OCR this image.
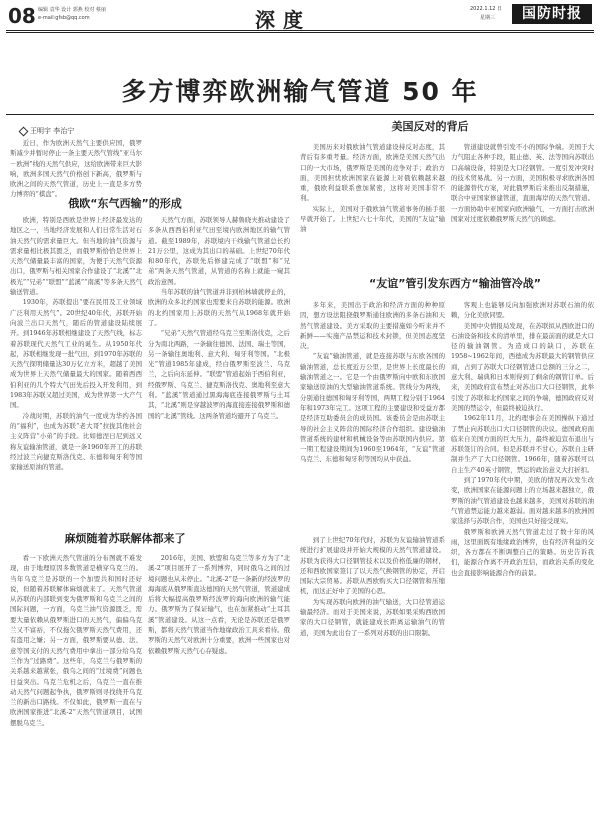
08 编辑 袁华 设计 郭燕 校对 蔡丽
e-mail:gfsb@qq.com	深度	2022.1.12 日
星期三	国防时报
多方博弈欧洲输气管道 50 年
王明宇 李治宁
俄欧“东气西输”的形成
麻烦随着苏联解体都来了
美国反对的背后
“友谊”管引发东西方“输油管冷战”

近日，作为欧洲天然气主要供应国，俄罗斯减少并暂时停止一条主要天然气管线“亚马尔－欧洲”线的天然气供应，这给欧洲带来巨大影响，欧洲多国天然气价格创下新高，俄罗斯与欧洲之间的天然气管道，历史上一直是多方势力博弈的“棋盘”。

欧洲，特别是西欧是世界上经济最发达的地区之一，当地经济发展和人们日常生活对石油天然气的需求量巨大。但当地的油气资源与需求量相比极其匮乏，而俄罗斯恰恰是世界上天然气储量最丰富的国家，为便于天然气资源出口，俄罗斯与相关国家合作建设了“北溪”“北极光”“兄弟”“联盟”“蓝溪”“南溪”等多条天然气输送管道。

1930年，苏联提出“要在民用及工业领域广泛利用天然气”。20世纪40年代，苏联开始向波兰出口天然气，随后的管道建设陆续展开。到1946年苏联相继建设了天然气线，标志着苏联现代天然气工业的诞生。从1950年代起，苏联相继发现一批气田，到1970年苏联的天然气探明储量达30万亿立方米，超越了美国成为世界上天然气储量最大的国家。随着西西伯利亚的几个特大气田先后投入开发利用，到1983年苏联又超过美国，成为世界第一大产气国。

冷战时期，苏联的油气一度成为华约各国的“福利”，也成为苏联“老大哥”拉拢其他社会主义阵营“小弟”的手段。比如德涅日尼到远又称友谊输油管道，就是一条1960年开工的苏联经过波兰向捷克斯洛伐克、东德和匈牙利等国家输送原油的管道。

天然气方面，苏联领导人赫鲁晓夫推动建设了多条从西西伯利亚气田至境内欧洲地区的输气管道。截至1989年，苏联境内干线输气管道总长约21万公里，这成为其出口的基础。上世纪70年代和80年代，苏联先后修建完成了“联盟”和“兄弟”两条天然气管道，从管道的名称上就能一窥其政治意图。

当年苏联的油气管道并非到柏林墙就停止的，欧洲的众多北约国家也需要来自苏联的能源。欧洲的北约国家用上苏联的天然气从1968年就开始了。

“兄弟”天然气管道经乌克兰至斯洛伐克，之后分为南北两路，一条输往德国、法国、瑞士等国，另一条输往奥地利、意大利、匈牙利等国。“北极光”管道1985年建成，经白俄罗斯至波兰、乌克兰，之后向东延伸。“联盟”管道起始于西伯利亚，经俄罗斯、乌克兰、捷克斯洛伐克、奥地利至意大利。“蓝溪”管道通过黑海海底连接俄罗斯与土耳其，“北溪”则是穿越波罗的海直接连接俄罗斯和德国的“北溪”管线。这两条管道均避开了乌克兰。

看一下欧洲天然气管道的分布图就不难发现，由于地理原因多数管道是横穿乌克兰的。当年乌克兰是苏联的一个加盟共和国时还好说，但随着苏联解体麻烦就来了。天然气管道从苏联的内部联到变为俄罗斯和乌克兰之间的国际问题，一方面，乌克兰油气资源匮乏，需要大量依赖从俄罗斯进口的天然气，偏偏乌克兰又不富裕，不仅拖欠俄罗斯天然气费用，还有盗用之嫌；另一方面，俄罗斯要从德、法、意等国支付的天然气费用中拿出一部分给乌克兰作为“过路费”。这些年，乌克兰与俄罗斯的关系越来越紧张，俄乌之间的“过境费”问题也日益突出。乌克兰危机之后，乌克兰一直在推动天然气问题起争执，俄罗斯则寻找绕开乌克兰的新出口路线。不仅如此，俄罗斯一直在与欧洲国家推进“北溪-2”天然气管道项目，试图摆脱乌克兰。

2016年，美国、欧盟和乌克兰等多方为了“北溪-2”项目展开了一系列博弈，同时俄乌之间的过境问题也从未停止。“北溪-2”是一条新的经波罗的海海底从俄罗斯直达德国的天然气管道，管道建成后将大幅提高俄罗斯经波罗的海向欧洲的输气能力。俄罗斯为了保证输气，也在加紧推动“土耳其溪”管道建设。从这一点看，无论是苏联还是俄罗斯，都将天然气管道当作地缘政治工具来看待。俄罗斯的天然气对欧洲十分重要，欧洲一些国家也对依赖俄罗斯天然气心存疑虑。

美国历来对俄欧油气管道建设持反对态度，其背后有多重考量。经济方面，欧洲是美国天然气出口的一大市场，俄罗斯是美国的竞争对手；政治方面，美国担忧欧洲国家在能源上对俄依赖越来越重，俄欧利益联系愈加紧密，这将对美国非常不利。

实际上，美国对于俄欧油气管道事务的插手很早就开始了。上世纪六七十年代，美国的“友谊”输油

管道建设就曾引发不小的国际争端。美国于大力气阻止各种手段，阻止德、英、法等国向苏联出口高端设备，特别是大口径钢管。一度引发冲突时的技术贸易战。另一方面，美国积极寻求欧洲各国的能源替代方案，对此俄罗斯后来推出反制措施，联合中亚国家修建管道，直面海岸的天然气管道。一方面协助中亚国家向欧洲输气，一方面打击欧洲国家对过度依赖俄罗斯天然气的顾虑。

多年来，美国出于政治和经济方面的种种原因，想方设法阻挠俄罗斯通往欧洲的多条石油和天然气管道建设。美方采取的主要措施如今听来并不新鲜——实施产品禁运和技术封锁，但美国态度坚决。

“友谊”输油管道，就是连接苏联与东欧各国的输油管道，总长度近万公里，是世界上长度最长的输油管道之一。它是一个由俄罗斯向中欧和东欧国家输送原油的大型输油管道系统。管线分为两线，分别通往德国和匈牙利等国，两期工程分别于1964年和1973年完工。这项工程的主要建设和受益方都是经济互助委员会的成员国。该委员会是由苏联主导的社会主义阵营的国际经济合作组织。建设输油管道系统的建材和机械设备等由苏联国内供应。第一期工程建设期间为1960至1964年，“友谊”管道乌克兰、东德和匈牙利等国均从中获益。

到了上世纪70年代时，苏联为友谊输油管道系统进行扩展建设并开始大规模的天然气管道建设。苏联为获得大口径钢管技术以及价格低廉的钢材，还和西欧国家签订了以天然气换钢管的协定，开启国际大宗贸易。苏联从西欧购买大口径钢管和压缩机，而这正好中了美国的心思。

为实现苏联向欧洲的油气输送，大口径管道运输最经济。而对于美国来说，苏联如果采购西欧国家的大口径钢管，就能建成长距离运输油气的管道，美国为此出台了一系列对苏联的出口限制。

客观上也能够反向加强欧洲对苏联石油的依赖，分化美欧同盟。

美国中央情报局发现，在苏联拟从西欧进口的石油设备和技术的清单里，排在最前面的就是大口径的输油钢管。为造成口的缺口，苏联在1958~1962年间，西德成为苏联最大的钢管供应商，占到了苏联大口径钢管进口总额的三分之二，意大利、瑞典和日本则得到了剩余的钢管订单。后来，美国政府宣布禁止对苏出口大口径钢管，此举引发了苏联和北约国家之间的争端，德国政府反对美国的禁运令，但最终被迫执行。

1962年11月，北约理事会在美国操纵下通过了禁止向苏联出口大口径钢管的决议。德国政府面临来自美国方面的巨大压力，最终被迫宣布退出与苏联签订的合同。但是苏联并不甘心，苏联自主研制并生产了大口径钢管。1966年，随着苏联可以自主生产40英寸钢管，禁运的政治意义大打折扣。

到了1970年代中期，美欧的情况再次发生改变，欧洲国家在能源问题上的立场越来越独立，俄罗斯的油气管道建设也越来越多，美国对苏联的油气管道禁运能力越来越弱。面对越来越多的欧洲国家选择与苏联合作，美国也只好接受现实。

俄罗斯和欧洲天然气管道走过了数十年的风雨，这里面既有地缘政治博弈，也有经济利益的交织，各方都在不断调整自己的策略。历史告诉我们，能源合作离不开政治互信，而政治关系的变化也会直接影响能源合作的前景。
